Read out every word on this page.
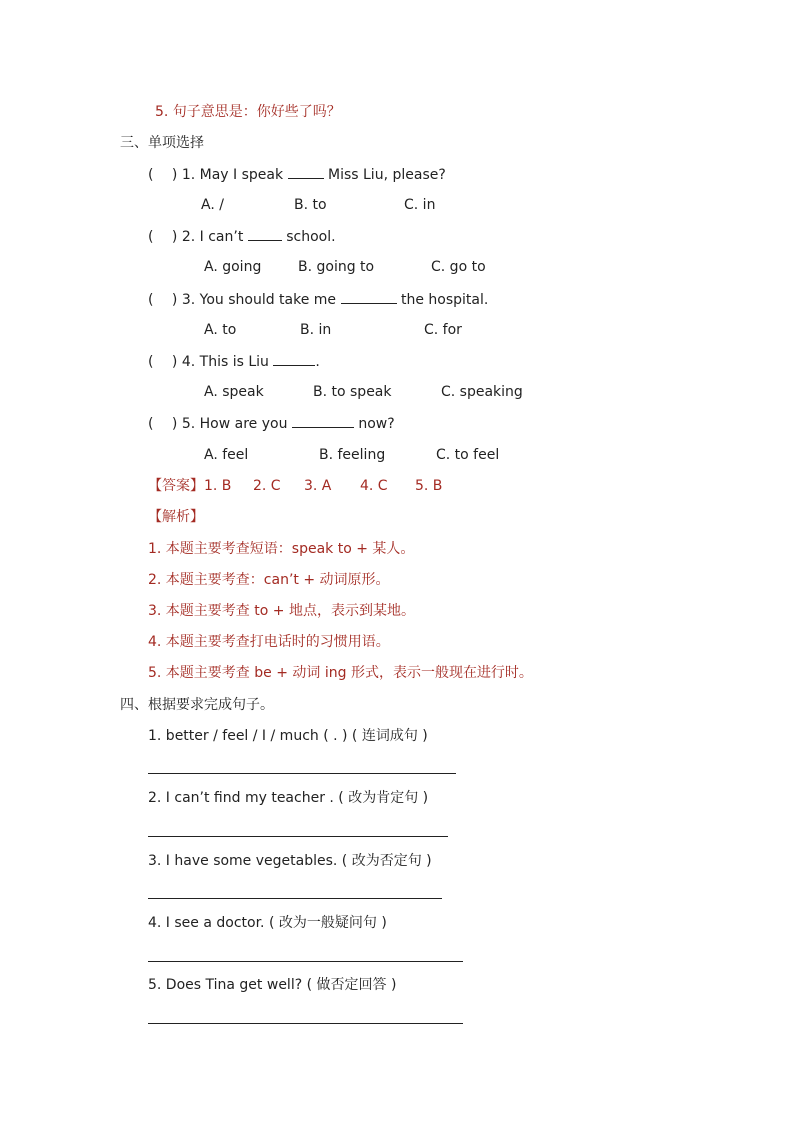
5. 句子意思是：你好些了吗？
三、单项选择
(　 ) 1. May I speak	Miss Liu, please?
A. /	B. to	C. in
(　 ) 2. I can’t	school.
A. going	B. going to	C. go to
(　 ) 3. You should take me	the hospital.
A. to	B. in	C. for
(　 ) 4. This is Liu	.
A. speak	B. to speak	C. speaking
(　 ) 5. How are you	now?
A. feel	B. feeling	C. to feel
【答案】 1. B 2. C 3. A 4. C 5. B
【解析】
1. 本题主要考查短语：speak to + 某人。
2. 本题主要考查：can’t + 动词原形。
3. 本题主要考查 to + 地点，表示到某地。
4. 本题主要考查打电话时的习惯用语。
5. 本题主要考查 be + 动词 ing 形式，表示一般现在进行时。
四、根据要求完成句子。
1. better / feel / I / much ( . ) ( 连词成句 )
2. I can’t find my teacher . ( 改为肯定句 )
3. I have some vegetables. ( 改为否定句 )
4. I see a doctor. ( 改为一般疑问句 )
5. Does Tina get well? ( 做否定回答 )
